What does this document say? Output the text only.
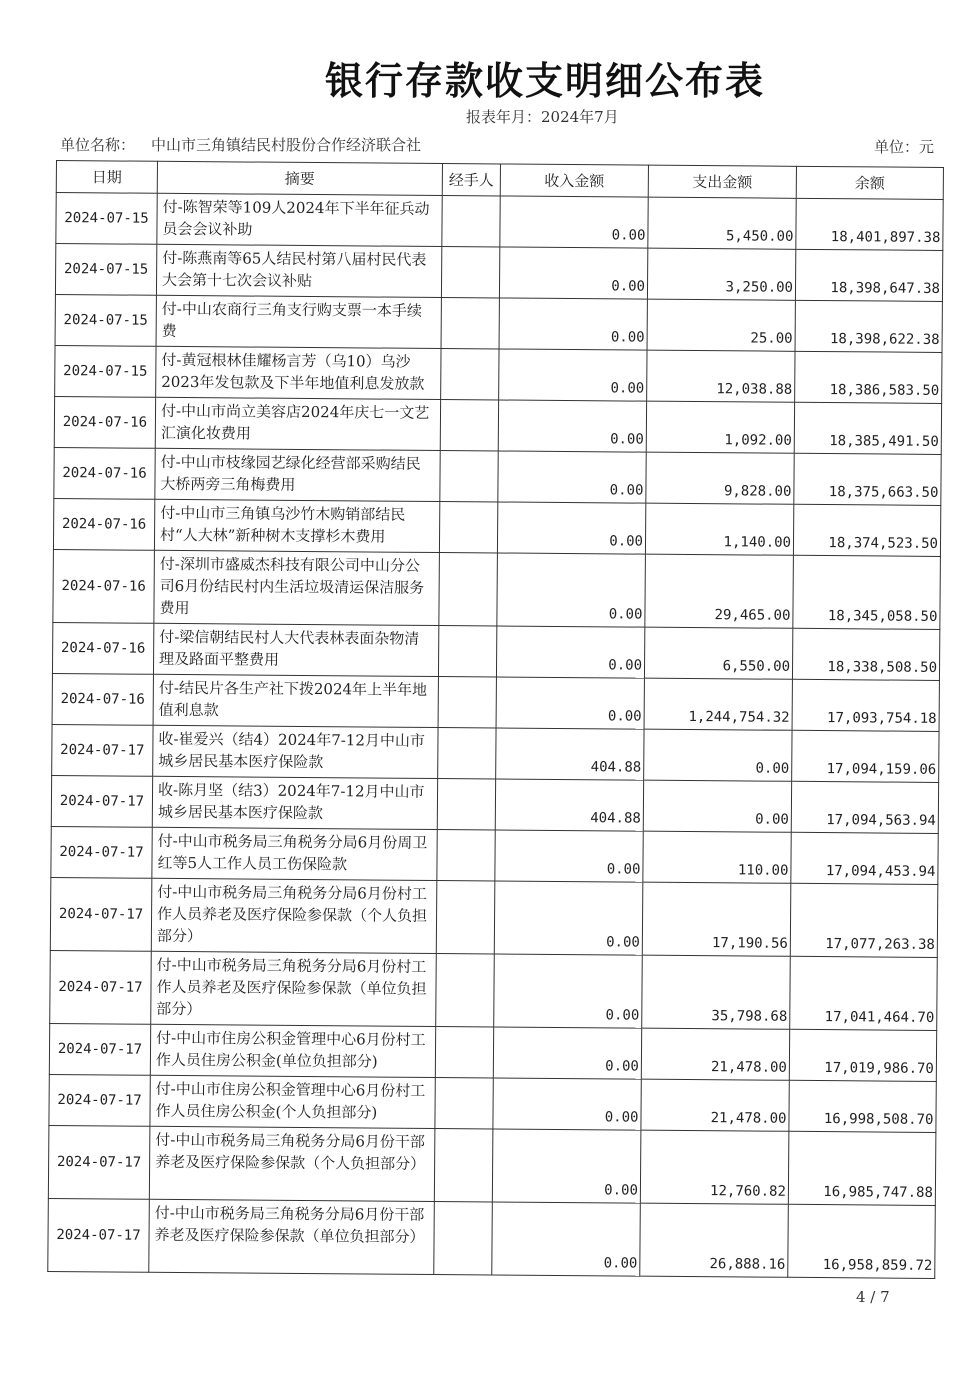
银行存款收支明细公布表
报表年月：2024年7月
单位名称： 中山市三角镇结民村股份合作经济联合社	单位：元
日期	摘要	经手人	收入金额	支出金额	余额
2024-07-15	付-陈智荣等109人2024年下半年征兵动员会会议补助		0.00	5,450.00	18,401,897.38
2024-07-15	付-陈燕南等65人结民村第八届村民代表大会第十七次会议补贴		0.00	3,250.00	18,398,647.38
2024-07-15	付-中山农商行三角支行购支票一本手续费		0.00	25.00	18,398,622.38
2024-07-15	付-黄冠根林佳耀杨言芳（乌10）乌沙2023年发包款及下半年地值利息发放款		0.00	12,038.88	18,386,583.50
2024-07-16	付-中山市尚立美容店2024年庆七一文艺汇演化妆费用		0.00	1,092.00	18,385,491.50
2024-07-16	付-中山市枝缘园艺绿化经营部采购结民大桥两旁三角梅费用		0.00	9,828.00	18,375,663.50
2024-07-16	付-中山市三角镇乌沙竹木购销部结民村“人大林”新种树木支撑杉木费用		0.00	1,140.00	18,374,523.50
2024-07-16	付-深圳市盛威杰科技有限公司中山分公司6月份结民村内生活垃圾清运保洁服务费用		0.00	29,465.00	18,345,058.50
2024-07-16	付-梁信朝结民村人大代表林表面杂物清理及路面平整费用		0.00	6,550.00	18,338,508.50
2024-07-16	付-结民片各生产社下拨2024年上半年地值利息款		0.00	1,244,754.32	17,093,754.18
2024-07-17	收-崔爱兴（结4）2024年7-12月中山市城乡居民基本医疗保险款		404.88	0.00	17,094,159.06
2024-07-17	收-陈月坚（结3）2024年7-12月中山市城乡居民基本医疗保险款		404.88	0.00	17,094,563.94
2024-07-17	付-中山市税务局三角税务分局6月份周卫红等5人工作人员工伤保险款		0.00	110.00	17,094,453.94
2024-07-17	付-中山市税务局三角税务分局6月份村工作人员养老及医疗保险参保款（个人负担部分）		0.00	17,190.56	17,077,263.38
2024-07-17	付-中山市税务局三角税务分局6月份村工作人员养老及医疗保险参保款（单位负担部分）		0.00	35,798.68	17,041,464.70
2024-07-17	付-中山市住房公积金管理中心6月份村工作人员住房公积金(单位负担部分)		0.00	21,478.00	17,019,986.70
2024-07-17	付-中山市住房公积金管理中心6月份村工作人员住房公积金(个人负担部分)		0.00	21,478.00	16,998,508.70
2024-07-17	付-中山市税务局三角税务分局6月份干部养老及医疗保险参保款（个人负担部分）		0.00	12,760.82	16,985,747.88
2024-07-17	付-中山市税务局三角税务分局6月份干部养老及医疗保险参保款（单位负担部分）		0.00	26,888.16	16,958,859.72
4 / 7
